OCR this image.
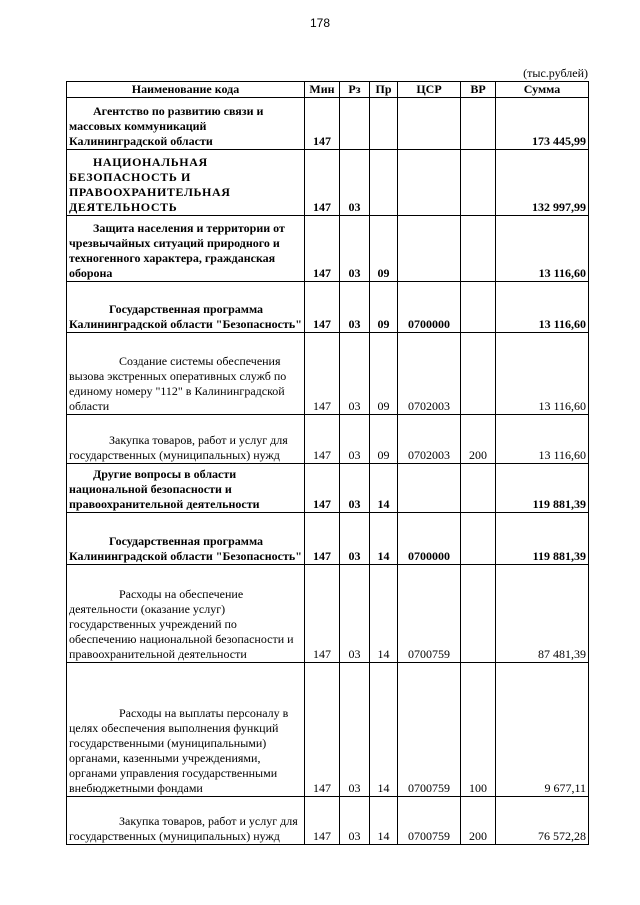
178
(тыс.рублей)
Наименование кода	Мин	Рз	Пр	ЦСР	ВР	Сумма
Агентство по развитию связи и массовых коммуникаций Калининградской области	147					173 445,99
НАЦИОНАЛЬНАЯ БЕЗОПАСНОСТЬ И ПРАВООХРАНИТЕЛЬНАЯ ДЕЯТЕЛЬНОСТЬ	147	03				132 997,99
Защита населения и территории от чрезвычайных ситуаций природного и техногенного характера, гражданская оборона	147	03	09			13 116,60
Государственная программа Калининградской области "Безопасность"	147	03	09	0700000		13 116,60
Создание системы обеспечения вызова экстренных оперативных служб по единому номеру "112" в Калининградской области	147	03	09	0702003		13 116,60
Закупка товаров, работ и услуг для государственных (муниципальных) нужд	147	03	09	0702003	200	13 116,60
Другие вопросы в области национальной безопасности и правоохранительной деятельности	147	03	14			119 881,39
Государственная программа Калининградской области "Безопасность"	147	03	14	0700000		119 881,39
Расходы на обеспечение деятельности (оказание услуг) государственных учреждений по обеспечению национальной безопасности и правоохранительной деятельности	147	03	14	0700759		87 481,39
Расходы на выплаты персоналу в целях обеспечения выполнения функций государственными (муниципальными) органами, казенными учреждениями, органами управления государственными внебюджетными фондами	147	03	14	0700759	100	9 677,11
Закупка товаров, работ и услуг для государственных (муниципальных) нужд	147	03	14	0700759	200	76 572,28
